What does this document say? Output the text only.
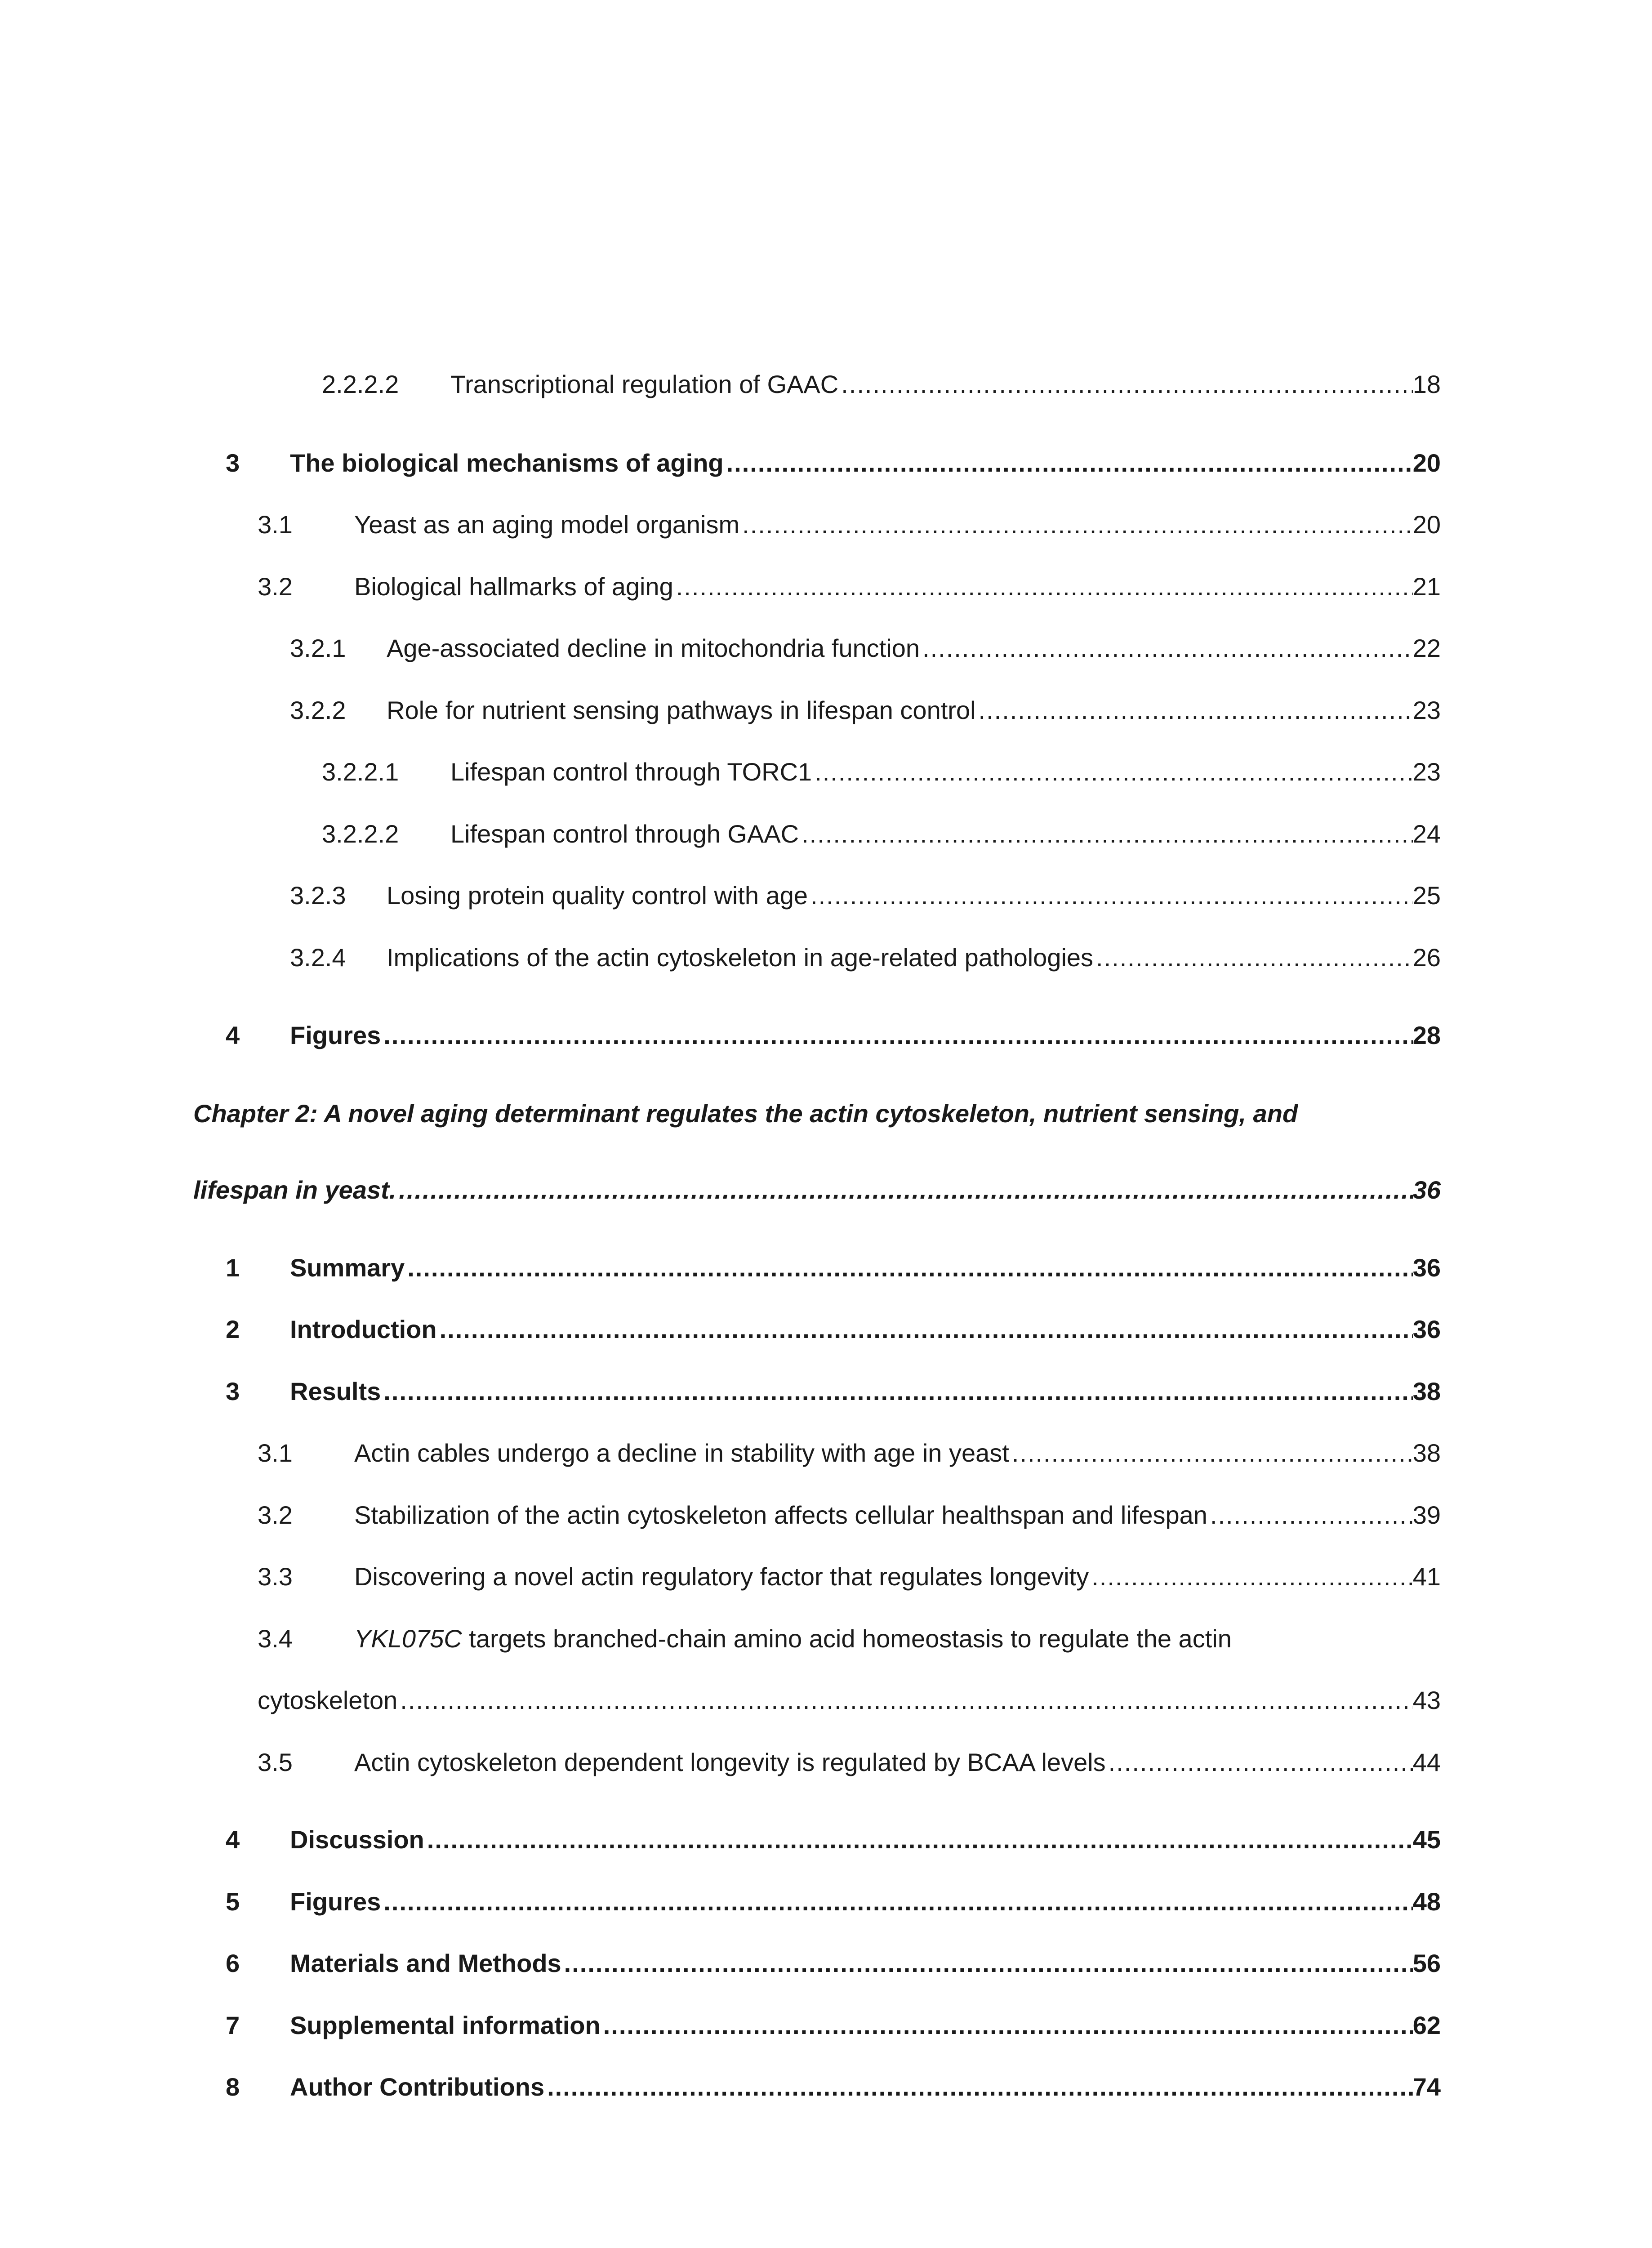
2.2.2.2 Transcriptional regulation of GAAC .....	18
3 The biological mechanisms of aging .....	20
3.1 Yeast as an aging model organism .....	20
3.2 Biological hallmarks of aging .....	21
3.2.1 Age-associated decline in mitochondria function .....	22
3.2.2 Role for nutrient sensing pathways in lifespan control .....	23
3.2.2.1 Lifespan control through TORC1 .....	23
3.2.2.2 Lifespan control through GAAC .....	24
3.2.3 Losing protein quality control with age .....	25
3.2.4 Implications of the actin cytoskeleton in age-related pathologies .....	26
4 Figures .....	28
Chapter 2: A novel aging determinant regulates the actin cytoskeleton, nutrient sensing, and
lifespan in yeast. .....	36
1 Summary .....	36
2 Introduction .....	36
3 Results .....	38
3.1 Actin cables undergo a decline in stability with age in yeast .....	38
3.2 Stabilization of the actin cytoskeleton affects cellular healthspan and lifespan .....	39
3.3 Discovering a novel actin regulatory factor that regulates longevity .....	41
3.4 YKL075C targets branched-chain amino acid homeostasis to regulate the actin
cytoskeleton .....	43
3.5 Actin cytoskeleton dependent longevity is regulated by BCAA levels .....	44
4 Discussion .....	45
5 Figures .....	48
6 Materials and Methods .....	56
7 Supplemental information .....	62
8 Author Contributions .....	74
